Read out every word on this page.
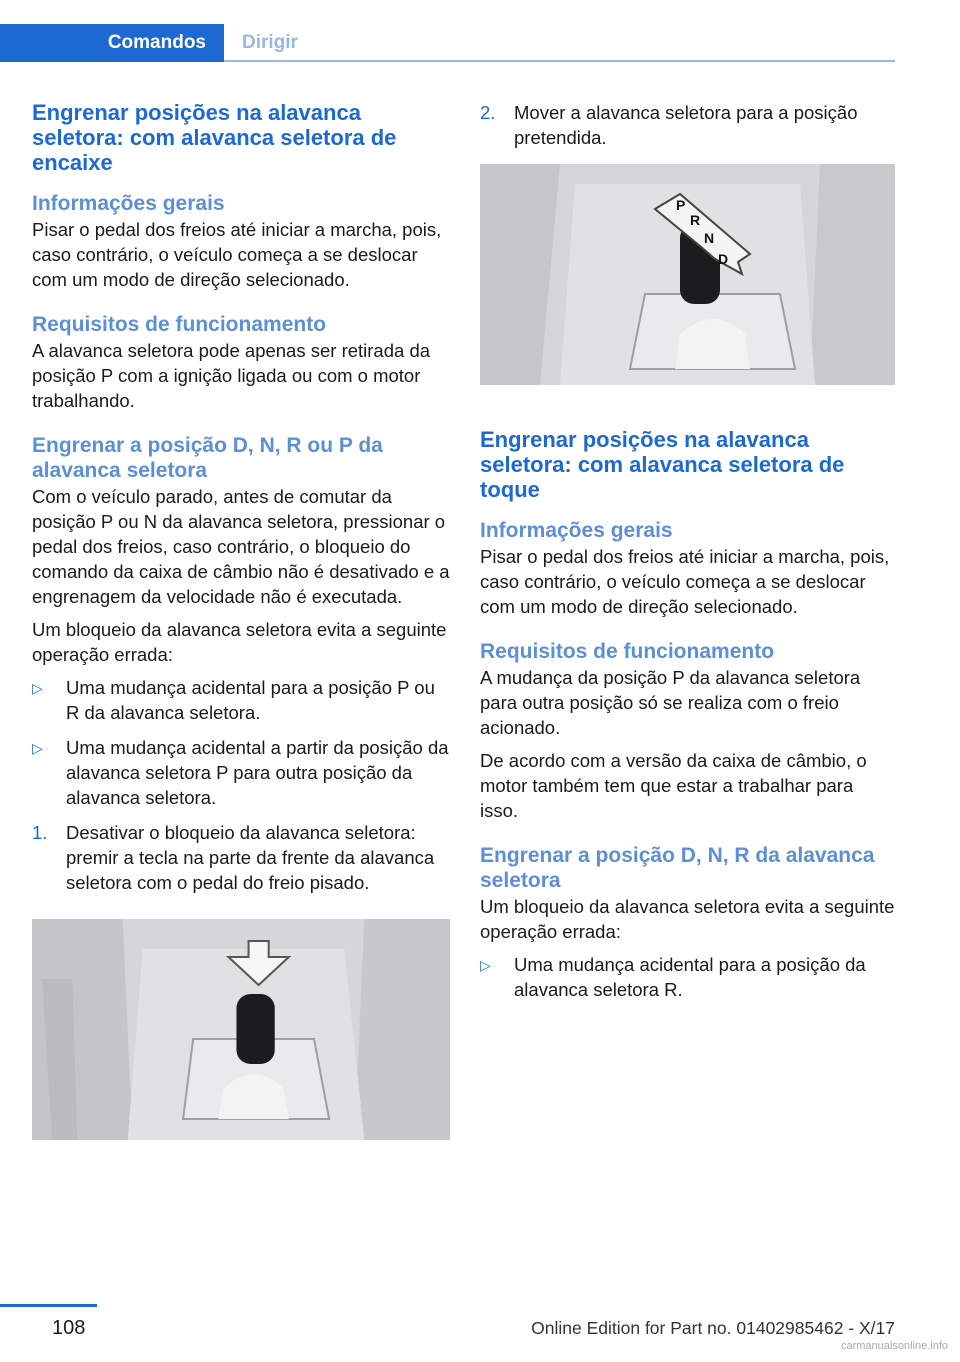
Comandos	Dirigir
Engrenar posições na alavanca seletora: com alavanca seletora de encaixe
Informações gerais

Pisar o pedal dos freios até iniciar a marcha, pois, caso contrário, o veículo começa a se deslocar com um modo de direção selecionado.

Requisitos de funcionamento

A alavanca seletora pode apenas ser retirada da posição P com a ignição ligada ou com o motor trabalhando.

Engrenar a posição D, N, R ou P da alavanca seletora

Com o veículo parado, antes de comutar da posição P ou N da alavanca seletora, pressionar o pedal dos freios, caso contrário, o bloqueio do comando da caixa de câmbio não é desativado e a engrenagem da velocidade não é executada.

Um bloqueio da alavanca seletora evita a seguinte operação errada:

▷	Uma mudança acidental para a posição P ou R da alavanca seletora.
▷	Uma mudança acidental a partir da posição da alavanca seletora P para outra posição da alavanca seletora.
1.	Desativar o bloqueio da alavanca seletora: premir a tecla na parte da frente da alavanca seletora com o pedal do freio pisado.
2.	Mover a alavanca seletora para a posição pretendida.
P
R
N
D
Engrenar posições na alavanca seletora: com alavanca seletora de toque
Informações gerais

Pisar o pedal dos freios até iniciar a marcha, pois, caso contrário, o veículo começa a se deslocar com um modo de direção selecionado.

Requisitos de funcionamento

A mudança da posição P da alavanca seletora para outra posição só se realiza com o freio acionado.

De acordo com a versão da caixa de câmbio, o motor também tem que estar a trabalhar para isso.

Engrenar a posição D, N, R da alavanca seletora

Um bloqueio da alavanca seletora evita a seguinte operação errada:

▷	Uma mudança acidental para a posição da alavanca seletora R.
108	Online Edition for Part no. 01402985462 - X/17
carmanualsonline.info
